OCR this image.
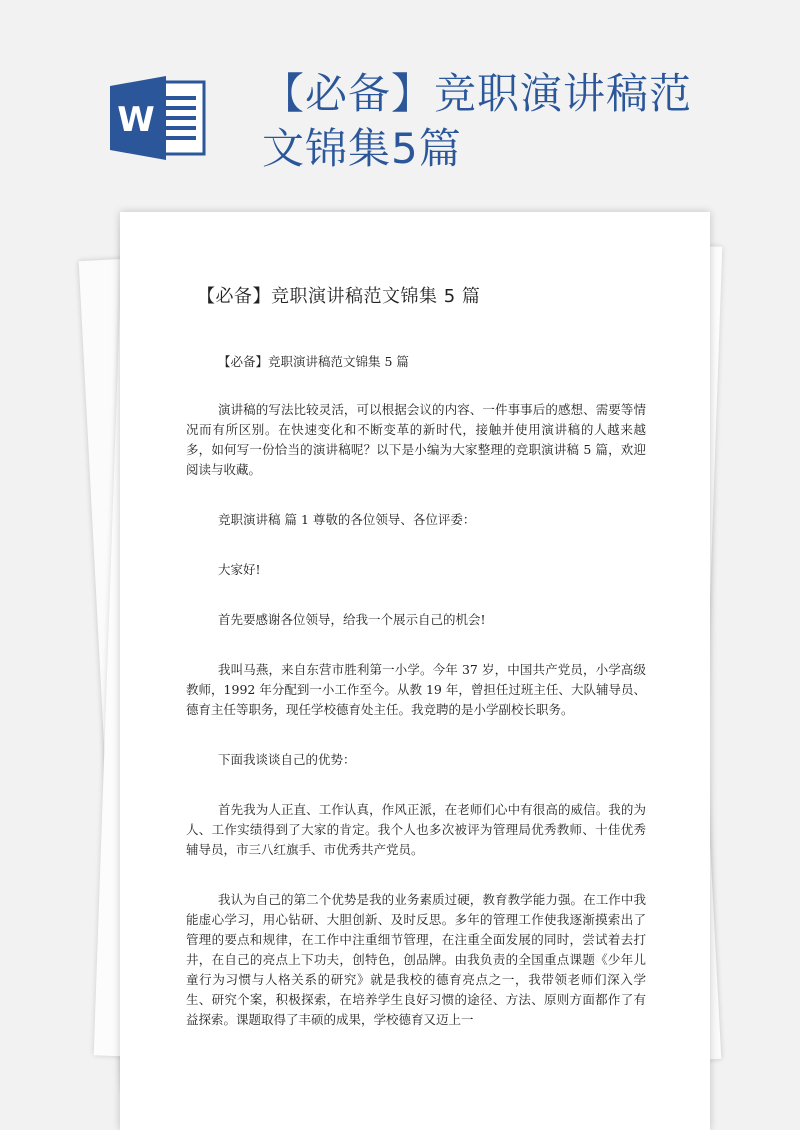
W
【必备】竞职演讲稿范
文锦集5篇
【必备】竞职演讲稿范文锦集 5 篇

【必备】竞职演讲稿范文锦集 5 篇

演讲稿的写法比较灵活，可以根据会议的内容、一件事事后的感想、需要等情况而有所区别。在快速变化和不断变革的新时代，接触并使用演讲稿的人越来越多，如何写一份恰当的演讲稿呢？以下是小编为大家整理的竞职演讲稿 5 篇，欢迎阅读与收藏。

竞职演讲稿 篇 1 尊敬的各位领导、各位评委：

大家好!

首先要感谢各位领导，给我一个展示自己的机会!

我叫马燕，来自东营市胜利第一小学。今年 37 岁，中国共产党员，小学高级教师，1992 年分配到一小工作至今。从教 19 年，曾担任过班主任、大队辅导员、德育主任等职务，现任学校德育处主任。我竞聘的是小学副校长职务。

下面我谈谈自己的优势：

首先我为人正直、工作认真，作风正派，在老师们心中有很高的威信。我的为人、工作实绩得到了大家的肯定。我个人也多次被评为管理局优秀教师、十佳优秀辅导员，市三八红旗手、市优秀共产党员。

我认为自己的第二个优势是我的业务素质过硬，教育教学能力强。在工作中我能虚心学习，用心钻研、大胆创新、及时反思。多年的管理工作使我逐渐摸索出了管理的要点和规律，在工作中注重细节管理，在注重全面发展的同时，尝试着去打井，在自己的亮点上下功夫，创特色，创品牌。由我负责的全国重点课题《少年儿童行为习惯与人格关系的研究》就是我校的德育亮点之一，我带领老师们深入学生、研究个案，积极探索，在培养学生良好习惯的途径、方法、原则方面都作了有益探索。课题取得了丰硕的成果，学校德育又迈上一
